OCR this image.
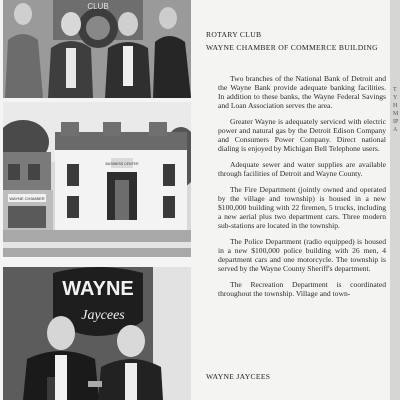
CLUB
WAYNE CHAMBER
BUSINESS CENTER
WAYNE
Jaycees
ROTARY CLUB
WAYNE CHAMBER OF COMMERCE BUILDING

Two branches of the National Bank of Detroit and the Wayne Bank provide adequate banking facilities. In addition to these banks, the Wayne Federal Savings and Loan Association serves the area.

Greater Wayne is adequately serviced with electric power and natural gas by the Detroit Edison Company and Consumers Power Company. Direct national dialing is enjoyed by Michigan Bell Telephone users.

Adequate sewer and water supplies are available through facilities of Detroit and Wayne County.

The Fire Department (jointly owned and operated by the village and township) is housed in a new $100,000 building with 22 firemen, 5 trucks, including a new aerial plus two department cars. Three modern sub-stations are located in the township.

The Police Department (radio equipped) is housed in a new $100,000 police building with 26 men, 4 department cars and one motorcycle. The township is served by the Wayne County Sheriff's department.

The Recreation Department is coordinated throughout the township. Village and town-

WAYNE JAYCEES
TYHMIPA
